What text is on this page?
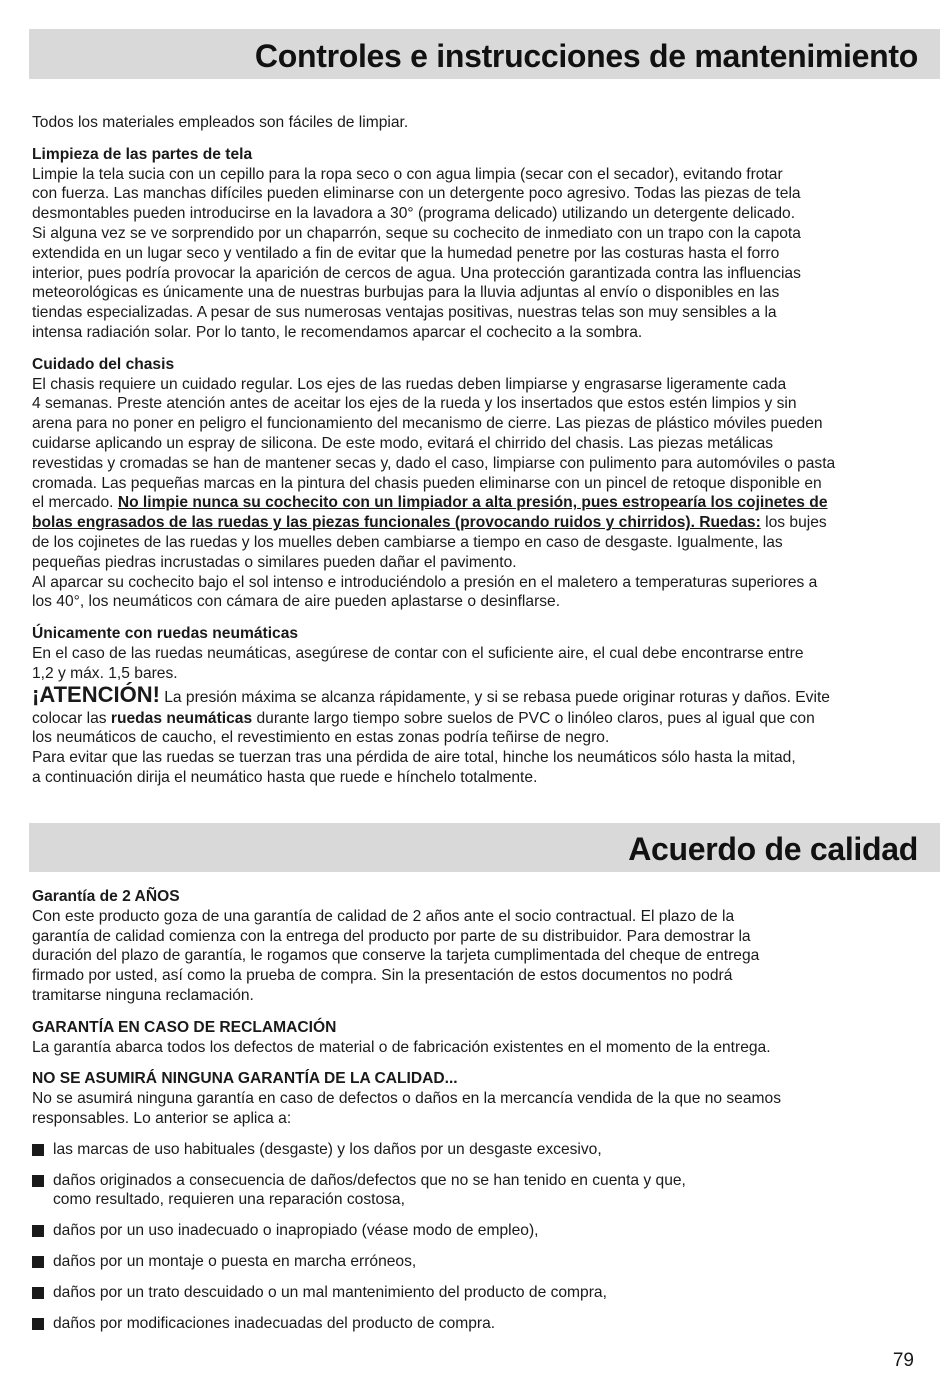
Controles e instrucciones de mantenimiento

Todos los materiales empleados son fáciles de limpiar.

Limpieza de las partes de tela

Limpie la tela sucia con un cepillo para la ropa seco o con agua limpia (secar con el secador), evitando frotar

con fuerza. Las manchas difíciles pueden eliminarse con un detergente poco agresivo. Todas las piezas de tela

desmontables pueden introducirse en la lavadora a 30° (programa delicado) utilizando un detergente delicado.

Si alguna vez se ve sorprendido por un chaparrón, seque su cochecito de inmediato con un trapo con la capota

extendida en un lugar seco y ventilado a fin de evitar que la humedad penetre por las costuras hasta el forro

interior, pues podría provocar la aparición de cercos de agua. Una protección garantizada contra las influencias

meteorológicas es únicamente una de nuestras burbujas para la lluvia adjuntas al envío o disponibles en las

tiendas especializadas. A pesar de sus numerosas ventajas positivas, nuestras telas son muy sensibles a la

intensa radiación solar. Por lo tanto, le recomendamos aparcar el cochecito a la sombra.

Cuidado del chasis

El chasis requiere un cuidado regular. Los ejes de las ruedas deben limpiarse y engrasarse ligeramente cada

4 semanas. Preste atención antes de aceitar los ejes de la rueda y los insertados que estos estén limpios y sin

arena para no poner en peligro el funcionamiento del mecanismo de cierre. Las piezas de plástico móviles pueden

cuidarse aplicando un espray de silicona. De este modo, evitará el chirrido del chasis. Las piezas metálicas

revestidas y cromadas se han de mantener secas y, dado el caso, limpiarse con pulimento para automóviles o pasta

cromada. Las pequeñas marcas en la pintura del chasis pueden eliminarse con un pincel de retoque disponible en

el mercado. No limpie nunca su cochecito con un limpiador a alta presión, pues estropearía los cojinetes de

bolas engrasados de las ruedas y las piezas funcionales (provocando ruidos y chirridos). Ruedas: los bujes

de los cojinetes de las ruedas y los muelles deben cambiarse a tiempo en caso de desgaste. Igualmente, las

pequeñas piedras incrustadas o similares pueden dañar el pavimento.

Al aparcar su cochecito bajo el sol intenso e introduciéndolo a presión en el maletero a temperaturas superiores a

los 40°, los neumáticos con cámara de aire pueden aplastarse o desinflarse.

Únicamente con ruedas neumáticas

En el caso de las ruedas neumáticas, asegúrese de contar con el suficiente aire, el cual debe encontrarse entre

1,2 y máx. 1,5 bares.

¡ATENCIÓN! La presión máxima se alcanza rápidamente, y si se rebasa puede originar roturas y daños. Evite

colocar las ruedas neumáticas durante largo tiempo sobre suelos de PVC o linóleo claros, pues al igual que con

los neumáticos de caucho, el revestimiento en estas zonas podría teñirse de negro.

Para evitar que las ruedas se tuerzan tras una pérdida de aire total, hinche los neumáticos sólo hasta la mitad,

a continuación dirija el neumático hasta que ruede e hínchelo totalmente.

Acuerdo de calidad

Garantía de 2 AÑOS

Con este producto goza de una garantía de calidad de 2 años ante el socio contractual. El plazo de la

garantía de calidad comienza con la entrega del producto por parte de su distribuidor. Para demostrar la

duración del plazo de garantía, le rogamos que conserve la tarjeta cumplimentada del cheque de entrega

firmado por usted, así como la prueba de compra. Sin la presentación de estos documentos no podrá

tramitarse ninguna reclamación.

GARANTÍA EN CASO DE RECLAMACIÓN

La garantía abarca todos los defectos de material o de fabricación existentes en el momento de la entrega.

NO SE ASUMIRÁ NINGUNA GARANTÍA DE LA CALIDAD...

No se asumirá ninguna garantía en caso de defectos o daños en la mercancía vendida de la que no seamos

responsables. Lo anterior se aplica a:

las marcas de uso habituales (desgaste) y los daños por un desgaste excesivo,
daños originados a consecuencia de daños/defectos que no se han tenido en cuenta y que,
como resultado, requieren una reparación costosa,
daños por un uso inadecuado o inapropiado (véase modo de empleo),
daños por un montaje o puesta en marcha erróneos,
daños por un trato descuidado o un mal mantenimiento del producto de compra,
daños por modificaciones inadecuadas del producto de compra.
79
